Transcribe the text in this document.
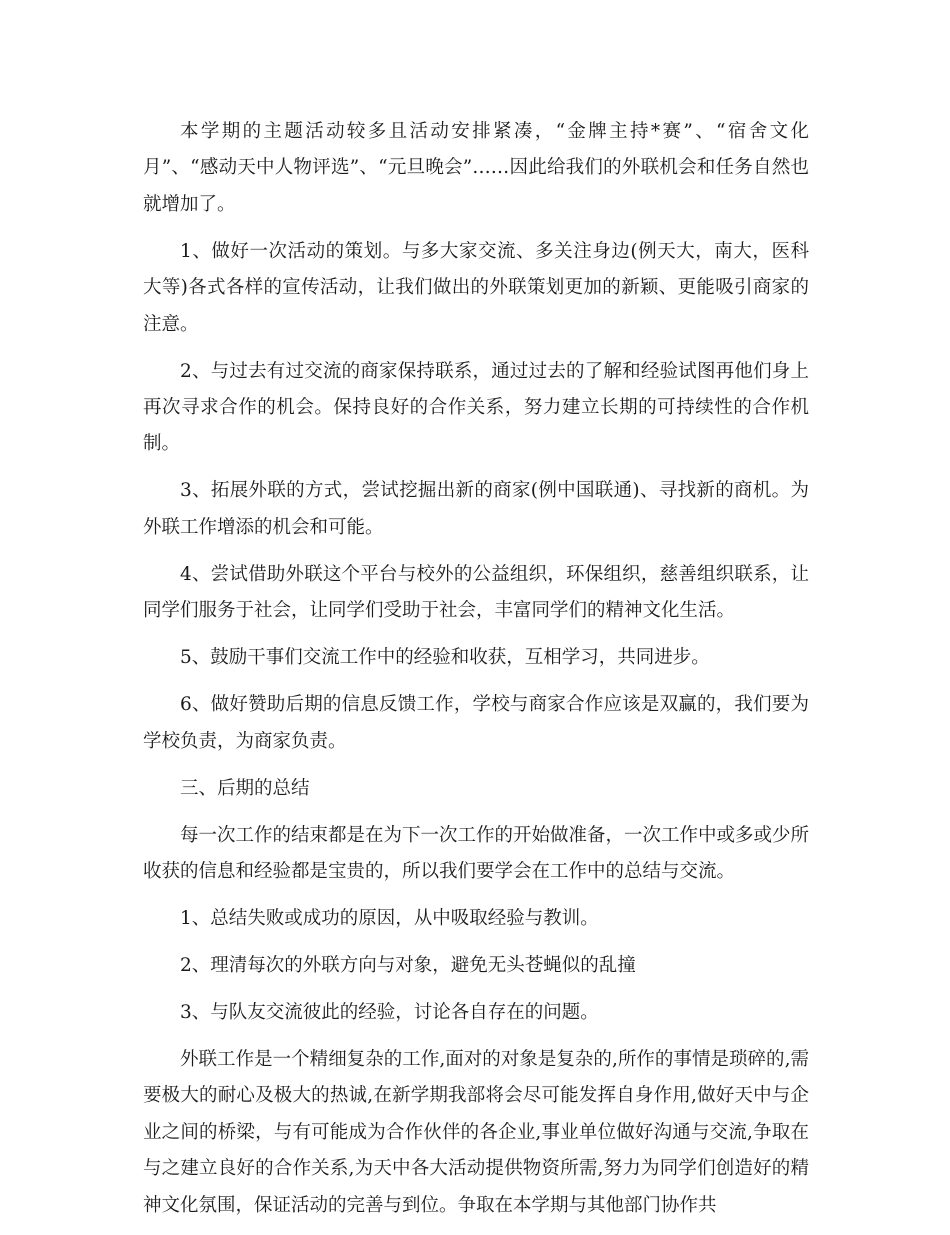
本学期的主题活动较多且活动安排紧凑，“金牌主持*赛”、“宿舍文化月”、“感动天中人物评选”、“元旦晚会”……因此给我们的外联机会和任务自然也就增加了。

1、做好一次活动的策划。与多大家交流、多关注身边(例天大，南大，医科大等)各式各样的宣传活动，让我们做出的外联策划更加的新颖、更能吸引商家的注意。

2、与过去有过交流的商家保持联系，通过过去的了解和经验试图再他们身上再次寻求合作的机会。保持良好的合作关系，努力建立长期的可持续性的合作机制。

3、拓展外联的方式，尝试挖掘出新的商家(例中国联通)、寻找新的商机。为外联工作增添的机会和可能。

4、尝试借助外联这个平台与校外的公益组织，环保组织，慈善组织联系，让同学们服务于社会，让同学们受助于社会，丰富同学们的精神文化生活。

5、鼓励干事们交流工作中的经验和收获，互相学习，共同进步。

6、做好赞助后期的信息反馈工作，学校与商家合作应该是双赢的，我们要为学校负责，为商家负责。

三、后期的总结

每一次工作的结束都是在为下一次工作的开始做准备，一次工作中或多或少所收获的信息和经验都是宝贵的，所以我们要学会在工作中的总结与交流。

1、总结失败或成功的原因，从中吸取经验与教训。

2、理清每次的外联方向与对象，避免无头苍蝇似的乱撞

3、与队友交流彼此的经验，讨论各自存在的问题。

外联工作是一个精细复杂的工作,面对的对象是复杂的,所作的事情是琐碎的,需要极大的耐心及极大的热诚,在新学期我部将会尽可能发挥自身作用,做好天中与企业之间的桥梁，与有可能成为合作伙伴的各企业,事业单位做好沟通与交流,争取在与之建立良好的合作关系,为天中各大活动提供物资所需,努力为同学们创造好的精神文化氛围，保证活动的完善与到位。争取在本学期与其他部门协作共
